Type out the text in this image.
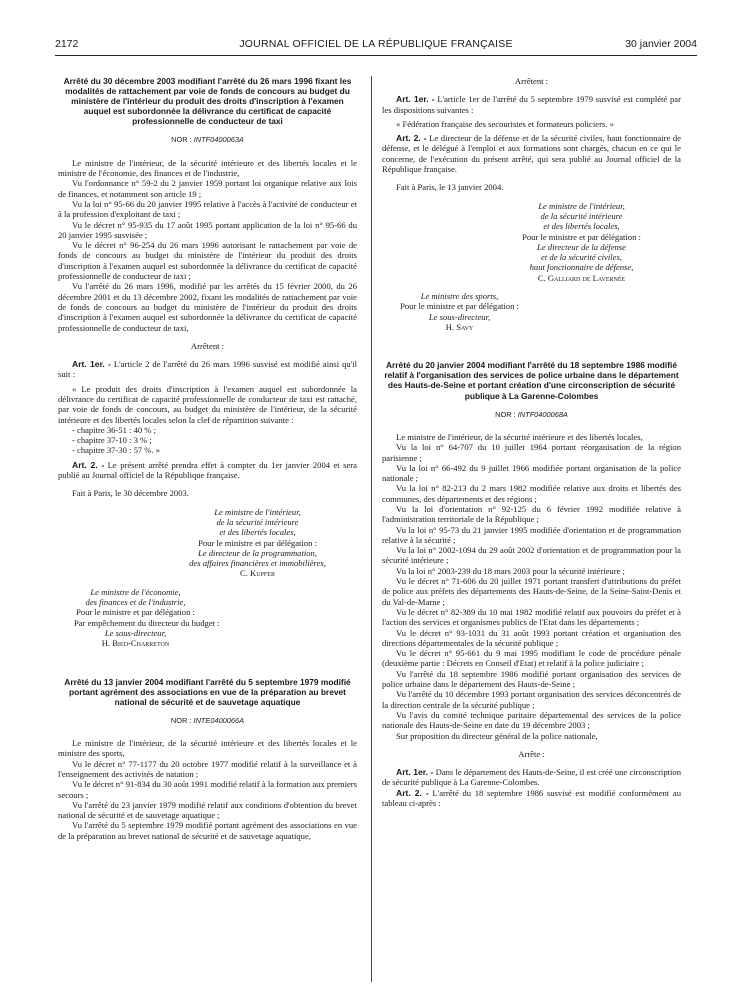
2172	JOURNAL OFFICIEL DE LA RÉPUBLIQUE FRANÇAISE	30 janvier 2004

Arrêté du 30 décembre 2003 modifiant l'arrêté du 26 mars 1996 fixant les modalités de rattachement par voie de fonds de concours au budget du ministère de l'intérieur du produit des droits d'inscription à l'examen auquel est subordonnée la délivrance du certificat de capacité professionnelle de conducteur de taxi

NOR : INTF0400063A

Le ministre de l'intérieur, de la sécurité intérieure et des libertés locales et le ministre de l'économie, des finances et de l'industrie,

Vu l'ordonnance n° 59-2 du 2 janvier 1959 portant loi organique relative aux lois de finances, et notamment son article 19 ;

Vu la loi n° 95-66 du 20 janvier 1995 relative à l'accès à l'activité de conducteur et à la profession d'exploitant de taxi ;

Vu le décret n° 95-935 du 17 août 1995 portant application de la loi n° 95-66 du 20 janvier 1995 susvisée ;

Vu le décret n° 96-254 du 26 mars 1996 autorisant le rattachement par voie de fonds de concours au budget du ministère de l'intérieur du produit des droits d'inscription à l'examen auquel est subordonnée la délivrance du certificat de capacité professionnelle de conducteur de taxi ;

Vu l'arrêté du 26 mars 1996, modifié par les arrêtés du 15 février 2000, du 26 décembre 2001 et du 13 décembre 2002, fixant les modalités de rattachement par voie de fonds de concours au budget du ministère de l'intérieur du produit des droits d'inscription à l'examen auquel est subordonnée la délivrance du certificat de capacité professionnelle de conducteur de taxi,

Arrêtent :

Art. 1er. - L'article 2 de l'arrêté du 26 mars 1996 susvisé est modifié ainsi qu'il suit :

« Le produit des droits d'inscription à l'examen auquel est subordonnée la délivrance du certificat de capacité professionnelle de conducteur de taxi est rattaché, par voie de fonds de concours, au budget du ministère de l'intérieur, de la sécurité intérieure et des libertés locales selon la clef de répartition suivante :

- chapitre 36-51 : 40 % ;

- chapitre 37-10 : 3 % ;

- chapitre 37-30 : 57 %. »

Art. 2. - Le présent arrêté prendra effet à compter du 1er janvier 2004 et sera publié au Journal officiel de la République française.

Fait à Paris, le 30 décembre 2003.

Le ministre de l'intérieur,
de la sécurité intérieure
et des libertés locales,
Pour le ministre et par délégation :
Le directeur de la programmation,
des affaires financières et immobilières,
C. Kupfer
Le ministre de l'économie,
des finances et de l'industrie,
Pour le ministre et par délégation :
Par empêchement du directeur du budget :
Le sous-directeur,
H. Bied-Charreton

Arrêté du 13 janvier 2004 modifiant l'arrêté du 5 septembre 1979 modifié portant agrément des associations en vue de la préparation au brevet national de sécurité et de sauvetage aquatique

NOR : INTE0400066A

Le ministre de l'intérieur, de la sécurité intérieure et des libertés locales et le ministre des sports,

Vu le décret n° 77-1177 du 20 octobre 1977 modifié relatif à la surveillance et à l'enseignement des activités de natation ;

Vu le décret n° 91-834 du 30 août 1991 modifié relatif à la formation aux premiers secours ;

Vu l'arrêté du 23 janvier 1979 modifié relatif aux conditions d'obtention du brevet national de sécurité et de sauvetage aquatique ;

Vu l'arrêté du 5 septembre 1979 modifié portant agrément des associations en vue de la préparation au brevet national de sécurité et de sauvetage aquatique,

Arrêtent :

Art. 1er. - L'article 1er de l'arrêté du 5 septembre 1979 susvisé est complété par les dispositions suivantes :

« Fédération française des secouristes et formateurs policiers. »

Art. 2. - Le directeur de la défense et de la sécurité civiles, haut fonctionnaire de défense, et le délégué à l'emploi et aux formations sont chargés, chacun en ce qui le concerne, de l'exécution du présent arrêté, qui sera publié au Journal officiel de la République française.

Fait à Paris, le 13 janvier 2004.

Le ministre de l'intérieur,
de la sécurité intérieure
et des libertés locales,
Pour le ministre et par délégation :
Le directeur de la défense
et de la sécurité civiles,
haut fonctionnaire de défense,
C. Galliard de Lavernée
Le ministre des sports,
Pour le ministre et par délégation :
Le sous-directeur,
H. Savy

Arrêté du 20 janvier 2004 modifiant l'arrêté du 18 septembre 1986 modifié relatif à l'organisation des services de police urbaine dans le département des Hauts-de-Seine et portant création d'une circonscription de sécurité publique à La Garenne-Colombes

NOR : INTF0400068A

Le ministre de l'intérieur, de la sécurité intérieure et des libertés locales,

Vu la loi n° 64-707 du 10 juillet 1964 portant réorganisation de la région parisienne ;

Vu la loi n° 66-492 du 9 juillet 1966 modifiée portant organisation de la police nationale ;

Vu la loi n° 82-213 du 2 mars 1982 modifiée relative aux droits et libertés des communes, des départements et des régions ;

Vu la loi d'orientation n° 92-125 du 6 février 1992 modifiée relative à l'administration territoriale de la République ;

Vu la loi n° 95-73 du 21 janvier 1995 modifiée d'orientation et de programmation relative à la sécurité ;

Vu la loi n° 2002-1094 du 29 août 2002 d'orientation et de programmation pour la sécurité intérieure ;

Vu la loi n° 2003-239 du 18 mars 2003 pour la sécurité intérieure ;

Vu le décret n° 71-606 du 20 juillet 1971 portant transfert d'attributions du préfet de police aux préfets des départements des Hauts-de-Seine, de la Seine-Saint-Denis et du Val-de-Marne ;

Vu le décret n° 82-389 du 10 mai 1982 modifié relatif aux pouvoirs du préfet et à l'action des services et organismes publics de l'Etat dans les départements ;

Vu le décret n° 93-1031 du 31 août 1993 portant création et organisation des directions départementales de la sécurité publique ;

Vu le décret n° 95-661 du 9 mai 1995 modifiant le code de procédure pénale (deuxième partie : Décrets en Conseil d'Etat) et relatif à la police judiciaire ;

Vu l'arrêté du 18 septembre 1986 modifié portant organisation des services de police urbaine dans le département des Hauts-de-Seine ;

Vu l'arrêté du 10 décembre 1993 portant organisation des services déconcentrés de la direction centrale de la sécurité publique ;

Vu l'avis du comité technique paritaire départemental des services de la police nationale des Hauts-de-Seine en date du 19 décembre 2003 ;

Sur proposition du directeur général de la police nationale,

Arrête :

Art. 1er. - Dans le département des Hauts-de-Seine, il est créé une circonscription de sécurité publique à La Garenne-Colombes.

Art. 2. - L'arrêté du 18 septembre 1986 susvisé est modifié conformément au tableau ci-après :
